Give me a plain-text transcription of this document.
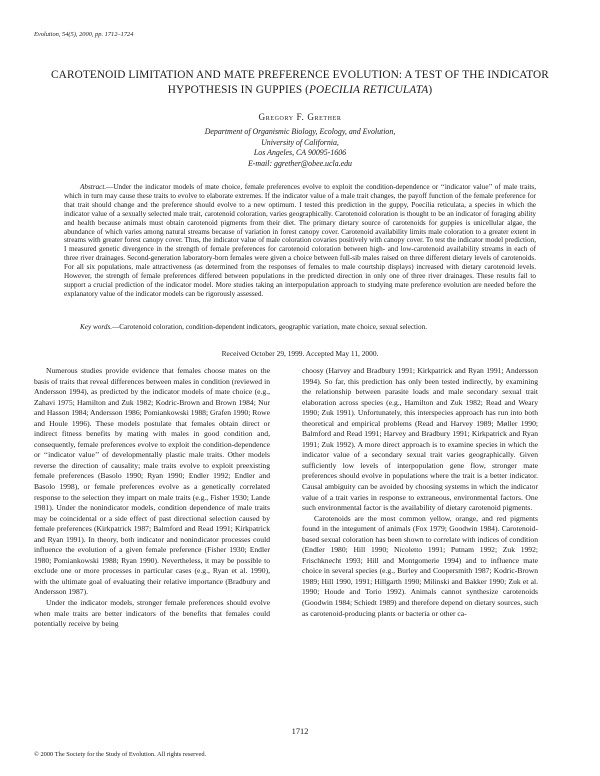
Evolution, 54(5), 2000, pp. 1712–1724
CAROTENOID LIMITATION AND MATE PREFERENCE EVOLUTION: A TEST OF THE INDICATOR HYPOTHESIS IN GUPPIES (POECILIA RETICULATA)
Gregory F. Grether
Department of Organismic Biology, Ecology, and Evolution,
University of California,
Los Angeles, CA 90095-1606
E-mail: ggrether@obee.ucla.edu
Abstract.—Under the indicator models of mate choice, female preferences evolve to exploit the condition-dependence or ‘‘indicator value’’ of male traits, which in turn may cause these traits to evolve to elaborate extremes. If the indicator value of a male trait changes, the payoff function of the female preference for that trait should change and the preference should evolve to a new optimum. I tested this prediction in the guppy, Poecilia reticulata, a species in which the indicator value of a sexually selected male trait, carotenoid coloration, varies geographically. Carotenoid coloration is thought to be an indicator of foraging ability and health because animals must obtain carotenoid pigments from their diet. The primary dietary source of carotenoids for guppies is unicellular algae, the abundance of which varies among natural streams because of variation in forest canopy cover. Carotenoid availability limits male coloration to a greater extent in streams with greater forest canopy cover. Thus, the indicator value of male coloration covaries positively with canopy cover. To test the indicator model prediction, I measured genetic divergence in the strength of female preferences for carotenoid coloration between high- and low-carotenoid availability streams in each of three river drainages. Second-generation laboratory-born females were given a choice between full-sib males raised on three different dietary levels of carotenoids. For all six populations, male attractiveness (as determined from the responses of females to male courtship displays) increased with dietary carotenoid levels. However, the strength of female preferences differed between populations in the predicted direction in only one of three river drainages. These results fail to support a crucial prediction of the indicator model. More studies taking an interpopulation approach to studying mate preference evolution are needed before the explanatory value of the indicator models can be rigorously assessed.
Key words.—Carotenoid coloration, condition-dependent indicators, geographic variation, mate choice, sexual selection.
Received October 29, 1999. Accepted May 11, 2000.

Numerous studies provide evidence that females choose mates on the basis of traits that reveal differences between males in condition (reviewed in Andersson 1994), as predicted by the indicator models of mate choice (e.g., Zahavi 1975; Hamilton and Zuk 1982; Kodric-Brown and Brown 1984; Nur and Hasson 1984; Andersson 1986; Pomiankowski 1988; Grafen 1990; Rowe and Houle 1996). These models postulate that females obtain direct or indirect fitness benefits by mating with males in good condition and, consequently, female preferences evolve to exploit the condition-dependence or ‘‘indicator value’’ of developmentally plastic male traits. Other models reverse the direction of causality; male traits evolve to exploit preexisting female preferences (Basolo 1990; Ryan 1990; Endler 1992; Endler and Basolo 1998), or female preferences evolve as a genetically correlated response to the selection they impart on male traits (e.g., Fisher 1930; Lande 1981). Under the nonindicator models, condition dependence of male traits may be coincidental or a side effect of past directional selection caused by female preferences (Kirkpatrick 1987; Balmford and Read 1991; Kirkpatrick and Ryan 1991). In theory, both indicator and nonindicator processes could influence the evolution of a given female preference (Fisher 1930; Endler 1980; Pomiankowski 1988; Ryan 1990). Nevertheless, it may be possible to exclude one or more processes in particular cases (e.g., Ryan et al. 1990), with the ultimate goal of evaluating their relative importance (Bradbury and Andersson 1987).

Under the indicator models, stronger female preferences should evolve when male traits are better indicators of the benefits that females could potentially receive by being

choosy (Harvey and Bradbury 1991; Kirkpatrick and Ryan 1991; Andersson 1994). So far, this prediction has only been tested indirectly, by examining the relationship between parasite loads and male secondary sexual trait elaboration across species (e.g., Hamilton and Zuk 1982; Read and Weary 1990; Zuk 1991). Unfortunately, this interspecies approach has run into both theoretical and empirical problems (Read and Harvey 1989; Møller 1990; Balmford and Read 1991; Harvey and Bradbury 1991; Kirkpatrick and Ryan 1991; Zuk 1992). A more direct approach is to examine species in which the indicator value of a secondary sexual trait varies geographically. Given sufficiently low levels of interpopulation gene flow, stronger mate preferences should evolve in populations where the trait is a better indicator. Causal ambiguity can be avoided by choosing systems in which the indicator value of a trait varies in response to extraneous, environmental factors. One such environmental factor is the availability of dietary carotenoid pigments.

Carotenoids are the most common yellow, orange, and red pigments found in the integument of animals (Fox 1979; Goodwin 1984). Carotenoid-based sexual coloration has been shown to correlate with indices of condition (Endler 1980; Hill 1990; Nicoletto 1991; Putnam 1992; Zuk 1992; Frischknecht 1993; Hill and Montgomerie 1994) and to influence mate choice in several species (e.g., Burley and Coopersmith 1987; Kodric-Brown 1989; Hill 1990, 1991; Hillgarth 1990; Milinski and Bakker 1990; Zuk et al. 1990; Houde and Torio 1992). Animals cannot synthesize carotenoids (Goodwin 1984; Schiedt 1989) and therefore depend on dietary sources, such as carotenoid-producing plants or bacteria or other ca-

1712
© 2000 The Society for the Study of Evolution. All rights reserved.
